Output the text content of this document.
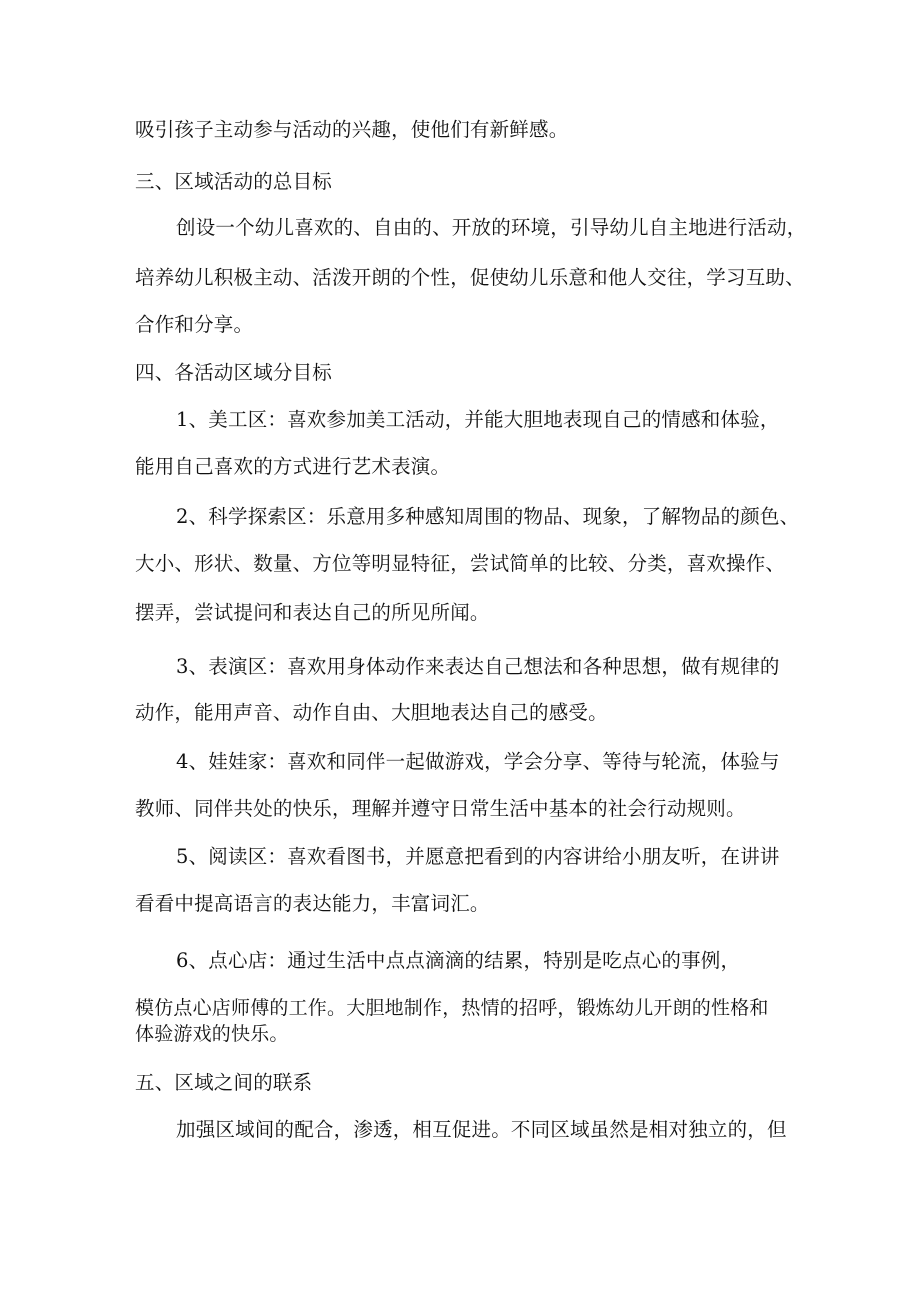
吸引孩子主动参与活动的兴趣，使他们有新鲜感。
三、区域活动的总目标
创设一个幼儿喜欢的、自由的、开放的环境，引导幼儿自主地进行活动，
培养幼儿积极主动、活泼开朗的个性，促使幼儿乐意和他人交往，学习互助、
合作和分享。
四、各活动区域分目标
1、美工区：喜欢参加美工活动，并能大胆地表现自己的情感和体验，
能用自己喜欢的方式进行艺术表演。
2、科学探索区：乐意用多种感知周围的物品、现象，了解物品的颜色、
大小、形状、数量、方位等明显特征，尝试简单的比较、分类，喜欢操作、
摆弄，尝试提问和表达自己的所见所闻。
3、表演区：喜欢用身体动作来表达自己想法和各种思想，做有规律的
动作，能用声音、动作自由、大胆地表达自己的感受。
4、娃娃家：喜欢和同伴一起做游戏，学会分享、等待与轮流，体验与
教师、同伴共处的快乐，理解并遵守日常生活中基本的社会行动规则。
5、阅读区：喜欢看图书，并愿意把看到的内容讲给小朋友听，在讲讲
看看中提高语言的表达能力，丰富词汇。
6、点心店：通过生活中点点滴滴的结累，特别是吃点心的事例，
模仿点心店师傅的工作。大胆地制作，热情的招呼，锻炼幼儿开朗的性格和
体验游戏的快乐。
五、区域之间的联系
加强区域间的配合，渗透，相互促进。不同区域虽然是相对独立的，但
